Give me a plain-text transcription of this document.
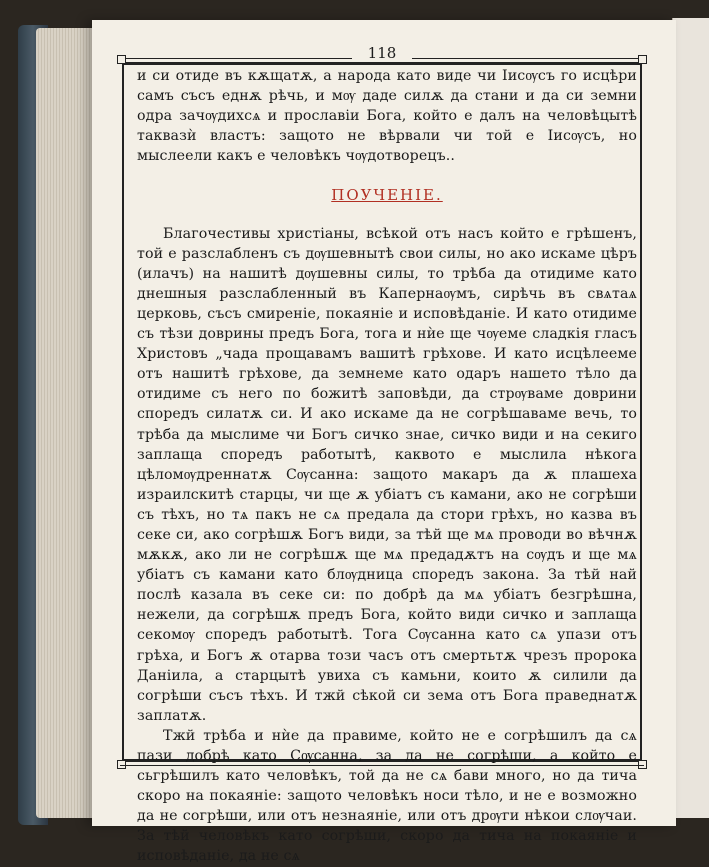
118

и си отиде въ кѫщатѫ, а народа като виде чи Іисѹсъ го исцѣри самъ съсъ еднѫ рѣчь, и мѹ даде силѫ да стани и да си земни одра зачѹдихсѧ и прославіи Бога, който е далъ на человѣцытѣ таквазѝ властъ: защото не вѣрвали чи той е Іисѹсъ, но мыслеели какъ е человѣкъ чѹдотворецъ..

ПОУЧЕНІЕ.

Благочестивы христіаны, всѣкой отъ насъ който е грѣшенъ, той е разслабленъ съ дѹшевнытѣ свои силы, но ако искаме цѣръ (илачъ) на нашитѣ дѹшевны силы, то трѣба да отидиме като днешныя разслабленный въ Капернаѹмъ, сирѣчь въ свѧтаѧ церковь, съсъ смиреніе, покаяніе и исповѣданіе. И като отидиме съ тѣзи доврины предъ Бога, тога и нѝе ще чѹеме сладкія гласъ Христовъ „чада прощавамъ вашитѣ грѣхове. И като исцѣлееме отъ нашитѣ грѣхове, да земнеме като одаръ нашето тѣло да отидиме съ него по божитѣ заповѣди, да стрѹваме доврини споредъ силатѫ си. И ако искаме да не согрѣшаваме вечь, то трѣба да мыслиме чи Богъ сичко знае, сичко види и на секиго заплаща споредъ работытѣ, каквото е мыслила нѣкога цѣломѹдреннатѫ Сѹсанна: защото макаръ да ѫ плашеха израилскитѣ старцы, чи ще ѫ убіатъ съ камани, ако не согрѣши съ тѣхъ, но тѧ пакъ не сѧ предала да стори грѣхъ, но казва въ секе си, ако согрѣшѫ Богъ види, за тѣй ще мѧ проводи во вѣчнѫ мѫкѫ, ако ли не согрѣшѫ ще мѧ предадѫтъ на сѹдъ и ще мѧ убіатъ съ камани като блѹдница споредъ закона. За тѣй най послѣ казала въ секе си: по добрѣ да мѧ убіатъ безгрѣшна, нежели, да согрѣшѫ предъ Бога, който види сичко и заплаща секомѹ споредъ работытѣ. Тога Сѹсанна като сѧ упази отъ грѣха, и Богъ ѫ отарва този часъ отъ смертьтѫ чрезъ пророка Даніила, а старцытѣ увиха съ камьни, които ѫ силили да согрѣши съсъ тѣхъ. И тжй сѣкой си зема отъ Бога праведнатѫ заплатѫ.

Тжй трѣба и нѝе да правиме, който не е согрѣшилъ да сѧ пази добрѣ като Сѹсанна, за да не согрѣши, а който е сьгрѣшилъ като человѣкъ, той да не сѧ бави много, но да тича скоро на покаяніе: защото человѣкъ носи тѣло, и не е возможно да не согрѣши, или отъ незнаяніе, или отъ дрѹги нѣкои слѹчаи. За тѣй человѣкъ като согрѣши, скоро да тича на покаяніе и исповѣданіе, да не сѧ
